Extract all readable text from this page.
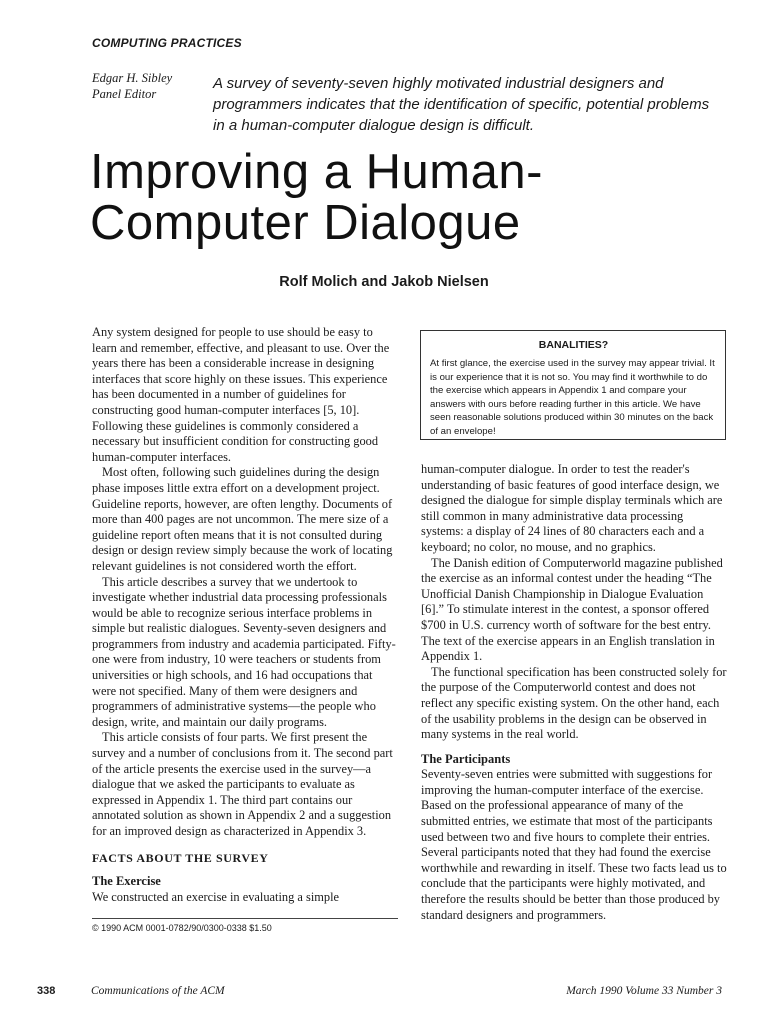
COMPUTING PRACTICES
Edgar H. Sibley
Panel Editor
A survey of seventy-seven highly motivated industrial designers and programmers indicates that the identification of specific, potential problems in a human-computer dialogue design is difficult.
Improving a Human-
Computer Dialogue
Rolf Molich and Jakob Nielsen

Any system designed for people to use should be easy to learn and remember, effective, and pleasant to use. Over the years there has been a considerable increase in designing interfaces that score highly on these issues. This experience has been documented in a number of guidelines for constructing good human-computer interfaces [5, 10]. Following these guidelines is commonly considered a necessary but insufficient condition for constructing good human-computer interfaces.

Most often, following such guidelines during the design phase imposes little extra effort on a development project. Guideline reports, however, are often lengthy. Documents of more than 400 pages are not uncommon. The mere size of a guideline report often means that it is not consulted during design or design review simply because the work of locating relevant guidelines is not considered worth the effort.

This article describes a survey that we undertook to investigate whether industrial data processing professionals would be able to recognize serious interface problems in simple but realistic dialogues. Seventy-seven designers and programmers from industry and academia participated. Fifty-one were from industry, 10 were teachers or students from universities or high schools, and 16 had occupations that were not specified. Many of them were designers and programmers of administrative systems—the people who design, write, and maintain our daily programs.

This article consists of four parts. We first present the survey and a number of conclusions from it. The second part of the article presents the exercise used in the survey—a dialogue that we asked the participants to evaluate as expressed in Appendix 1. The third part contains our annotated solution as shown in Appendix 2 and a suggestion for an improved design as characterized in Appendix 3.

FACTS ABOUT THE SURVEY

The Exercise

We constructed an exercise in evaluating a simple

© 1990 ACM 0001-0782/90/0300-0338 $1.50
BANALITIES?
At first glance, the exercise used in the survey may appear trivial. It is our experience that it is not so. You may find it worthwhile to do the exercise which appears in Appendix 1 and compare your answers with ours before reading further in this article. We have seen reasonable solutions produced within 30 minutes on the back of an envelope!

human-computer dialogue. In order to test the reader's understanding of basic features of good interface design, we designed the dialogue for simple display terminals which are still common in many administrative data processing systems: a display of 24 lines of 80 characters each and a keyboard; no color, no mouse, and no graphics.

The Danish edition of Computerworld magazine published the exercise as an informal contest under the heading “The Unofficial Danish Championship in Dialogue Evaluation [6].” To stimulate interest in the contest, a sponsor offered $700 in U.S. currency worth of software for the best entry. The text of the exercise appears in an English translation in Appendix 1.

The functional specification has been constructed solely for the purpose of the Computerworld contest and does not reflect any specific existing system. On the other hand, each of the usability problems in the design can be observed in many systems in the real world.

The Participants

Seventy-seven entries were submitted with suggestions for improving the human-computer interface of the exercise. Based on the professional appearance of many of the submitted entries, we estimate that most of the participants used between two and five hours to complete their entries. Several participants noted that they had found the exercise worthwhile and rewarding in itself. These two facts lead us to conclude that the participants were highly motivated, and therefore the results should be better than those produced by standard designers and programmers.

338	Communications of the ACM	March 1990 Volume 33 Number 3
